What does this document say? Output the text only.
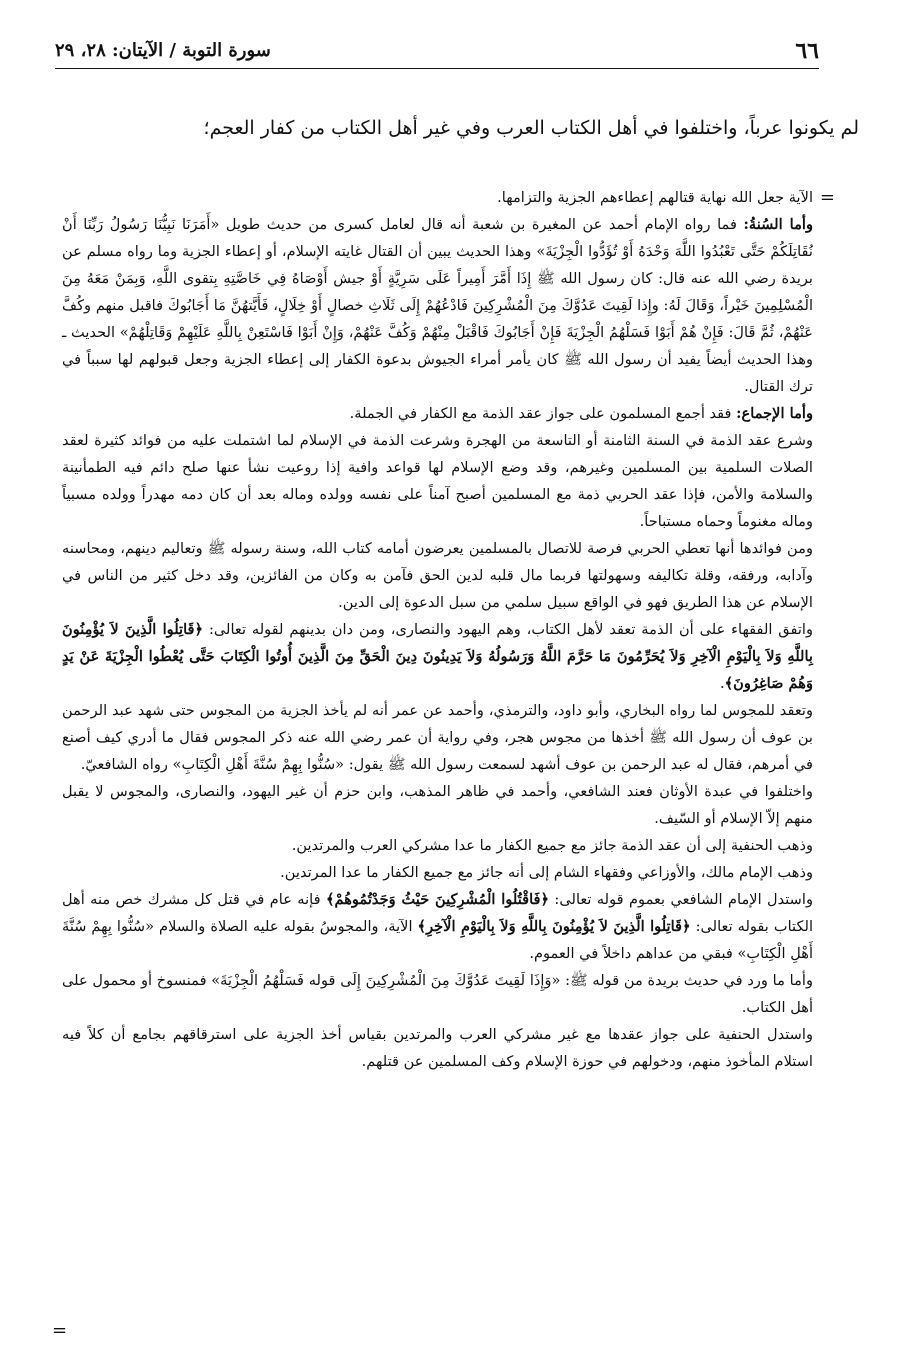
٦٦
سورة التوبة / الآيتان: ٢٨، ٢٩
لم يكونوا عرباً، واختلفوا في أهل الكتاب العرب وفي غير أهل الكتاب من كفار العجم؛
=

الآية جعل الله نهاية قتالهم إعطاءهم الجزية والتزامها.

وأما السُنةُ: فما رواه الإمام أحمد عن المغيرة بن شعبة أنه قال لعامل كسرى من حديث طويل «أَمَرَنَا نَبِيُّنَا رَسُولُ رَبِّنَا أَنْ نُقَاتِلَكُمْ حَتَّى تَعْبُدُوا اللَّهَ وَحْدَهُ أَوْ تُؤَدُّوا الْجِزْيَةَ» وهذا الحديث يبين أن القتال غايته الإسلام، أو إعطاء الجزية وما رواه مسلم عن بريدة رضي الله عنه قال: كان رسول الله ﷺ إِذَا أَمَّرَ أَمِيراً عَلَى سَرِيَّةٍ أَوْ جيش أَوْصَاهُ فِي خَاصَّتِهِ بِتقوى اللَّهِ، وَبِمَنْ مَعَهُ مِنَ الْمُسْلِمِينَ خَيْراً، وَقَالَ لَهُ: وإِذا لَقِيتَ عَدُوَّكَ مِنَ الْمُشْرِكِينَ فَادْعُهُمْ إِلَى ثَلَاثِ خصالٍ أَوْ خِلَالٍ، فَأَيَّتهُنَّ مَا أَجَابُوكَ فاقبل منهم وكُفَّ عَنْهُمْ، ثُمَّ قَالَ: فَإِنْ هُمْ أَبَوْا فَسَلْهُمُ الْجِزْيَةَ فَإِنْ أَجَابُوكَ فَاقْبَلْ مِنْهُمْ وَكُفَّ عَنْهُمْ، وَإِنْ أَبَوْا فَاسْتَعِنْ بِاللَّهِ عَلَيْهِمْ وَقَاتِلْهُمْ» الحديث ـ وهذا الحديث أيضاً يفيد أن رسول الله ﷺ كان يأمر أمراء الجيوش بدعوة الكفار إلى إعطاء الجزية وجعل قبولهم لها سبباً في ترك القتال.

وأما الإجماع: فقد أجمع المسلمون على جواز عقد الذمة مع الكفار في الجملة.

وشرع عقد الذمة في السنة الثامنة أو التاسعة من الهجرة وشرعت الذمة في الإسلام لما اشتملت عليه من فوائد كثيرة لعقد الصلات السلمية بين المسلمين وغيرهم، وقد وضع الإسلام لها قواعد وافية إذا روعيت نشأ عنها صلح دائم فيه الطمأنينة والسلامة والأمن، فإذا عقد الحربي ذمة مع المسلمين أصبح آمناً على نفسه وولده وماله بعد أن كان دمه مهدراً وولده مسبياً وماله مغنوماً وحماه مستباحاً.

ومن فوائدها أنها تعطي الحربي فرصة للاتصال بالمسلمين يعرضون أمامه كتاب الله، وسنة رسوله ﷺ وتعاليم دينهم، ومحاسنه وآدابه، ورفقه، وقلة تكاليفه وسهولتها فربما مال قلبه لدين الحق فآمن به وكان من الفائزين، وقد دخل كثير من الناس في الإسلام عن هذا الطريق فهو في الواقع سبيل سلمي من سبل الدعوة إلى الدين.

واتفق الفقهاء على أن الذمة تعقد لأهل الكتاب، وهم اليهود والنصارى، ومن دان بدينهم لقوله تعالى: ﴿قَاتِلُوا الَّذِينَ لاَ يُؤْمِنُونَ بِاللَّهِ وَلاَ بِالْيَوْمِ الْآخِرِ وَلاَ يُحَرِّمُونَ مَا حَرَّمَ اللَّهُ وَرَسُولُهُ وَلاَ يَدِينُونَ دِينَ الْحَقِّ مِنَ الَّذِينَ أُوتُوا الْكِتَابَ حَتَّى يُعْطُوا الْجِزْيَةَ عَنْ يَدٍ وَهُمْ صَاغِرُونَ﴾.

وتعقد للمجوس لما رواه البخاري، وأبو داود، والترمذي، وأحمد عن عمر أنه لم يأخذ الجزية من المجوس حتى شهد عبد الرحمن بن عوف أن رسول الله ﷺ أخذها من مجوس هجر، وفي رواية أن عمر رضي الله عنه ذكر المجوس فقال ما أدري كيف أصنع في أمرهم، فقال له عبد الرحمن بن عوف أشهد لسمعت رسول الله ﷺ يقول: «سُنُّوا بِهِمْ سُنَّةَ أَهْلِ الْكِتَابِ» رواه الشافعيّ.

واختلفوا في عبدة الأوثان فعند الشافعي، وأحمد في ظاهر المذهب، وابن حزم أن غير اليهود، والنصارى، والمجوس لا يقبل منهم إلاّ الإسلام أو السّيف.

وذهب الحنفية إلى أن عقد الذمة جائز مع جميع الكفار ما عدا مشركي العرب والمرتدين.

وذهب الإمام مالك، والأوزاعي وفقهاء الشام إلى أنه جائز مع جميع الكفار ما عدا المرتدين.

واستدل الإمام الشافعي بعموم قوله تعالى: ﴿فَاقْتُلُوا الْمُشْرِكِينَ حَيْثُ وَجَدْتُمُوهُمْ﴾ فإنه عام في قتل كل مشرك خص منه أهل الكتاب بقوله تعالى: ﴿قَاتِلُوا الَّذِينَ لاَ يُؤْمِنُونَ بِاللَّهِ وَلاَ بِالْيَوْمِ الْآخِرِ﴾ الآية، والمجوسُ بقوله عليه الصلاة والسلام «سُنُّوا بِهِمْ سُنَّةَ أَهْلِ الْكِتَابِ» فبقي من عداهم داخلاً في العموم.

وأما ما ورد في حديث بريدة من قوله ﷺ: «وَإِذَا لَقِيتَ عَدُوَّكَ مِنَ الْمُشْرِكِينَ إِلَى قوله فَسَلْهُمُ الْجِزْيَةَ» فمنسوخ أو محمول على أهل الكتاب.

واستدل الحنفية على جواز عقدها مع غير مشركي العرب والمرتدين بقياس أخذ الجزية على استرقاقهم بجامع أن كلاً فيه استلام المأخوذ منهم، ودخولهم في حوزة الإسلام وكف المسلمين عن قتلهم.

=
